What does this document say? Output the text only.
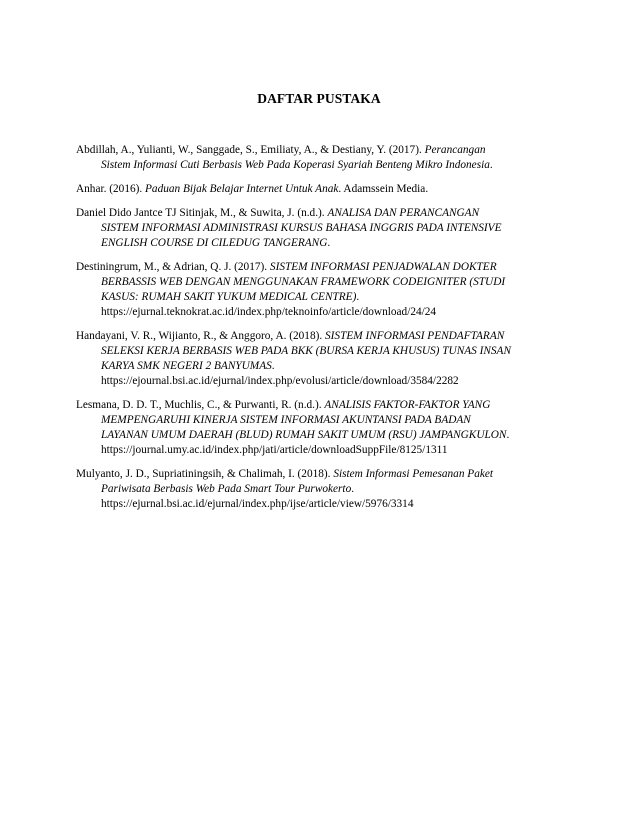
DAFTAR PUSTAKA
Abdillah, A., Yulianti, W., Sanggade, S., Emiliaty, A., & Destiany, Y. (2017). Perancangan
Sistem Informasi Cuti Berbasis Web Pada Koperasi Syariah Benteng Mikro Indonesia.
Anhar. (2016). Paduan Bijak Belajar Internet Untuk Anak. Adamssein Media.
Daniel Dido Jantce TJ Sitinjak, M., & Suwita, J. (n.d.). ANALISA DAN PERANCANGAN
SISTEM INFORMASI ADMINISTRASI KURSUS BAHASA INGGRIS PADA INTENSIVE
ENGLISH COURSE DI CILEDUG TANGERANG.
Destiningrum, M., & Adrian, Q. J. (2017). SISTEM INFORMASI PENJADWALAN DOKTER
BERBASSIS WEB DENGAN MENGGUNAKAN FRAMEWORK CODEIGNITER (STUDI
KASUS: RUMAH SAKIT YUKUM MEDICAL CENTRE).
https://ejurnal.teknokrat.ac.id/index.php/teknoinfo/article/download/24/24
Handayani, V. R., Wijianto, R., & Anggoro, A. (2018). SISTEM INFORMASI PENDAFTARAN
SELEKSI KERJA BERBASIS WEB PADA BKK (BURSA KERJA KHUSUS) TUNAS INSAN
KARYA SMK NEGERI 2 BANYUMAS.
https://ejournal.bsi.ac.id/ejurnal/index.php/evolusi/article/download/3584/2282
Lesmana, D. D. T., Muchlis, C., & Purwanti, R. (n.d.). ANALISIS FAKTOR-FAKTOR YANG
MEMPENGARUHI KINERJA SISTEM INFORMASI AKUNTANSI PADA BADAN
LAYANAN UMUM DAERAH (BLUD) RUMAH SAKIT UMUM (RSU) JAMPANGKULON.
https://journal.umy.ac.id/index.php/jati/article/downloadSuppFile/8125/1311
Mulyanto, J. D., Supriatiningsih, & Chalimah, I. (2018). Sistem Informasi Pemesanan Paket
Pariwisata Berbasis Web Pada Smart Tour Purwokerto.
https://ejurnal.bsi.ac.id/ejurnal/index.php/ijse/article/view/5976/3314
